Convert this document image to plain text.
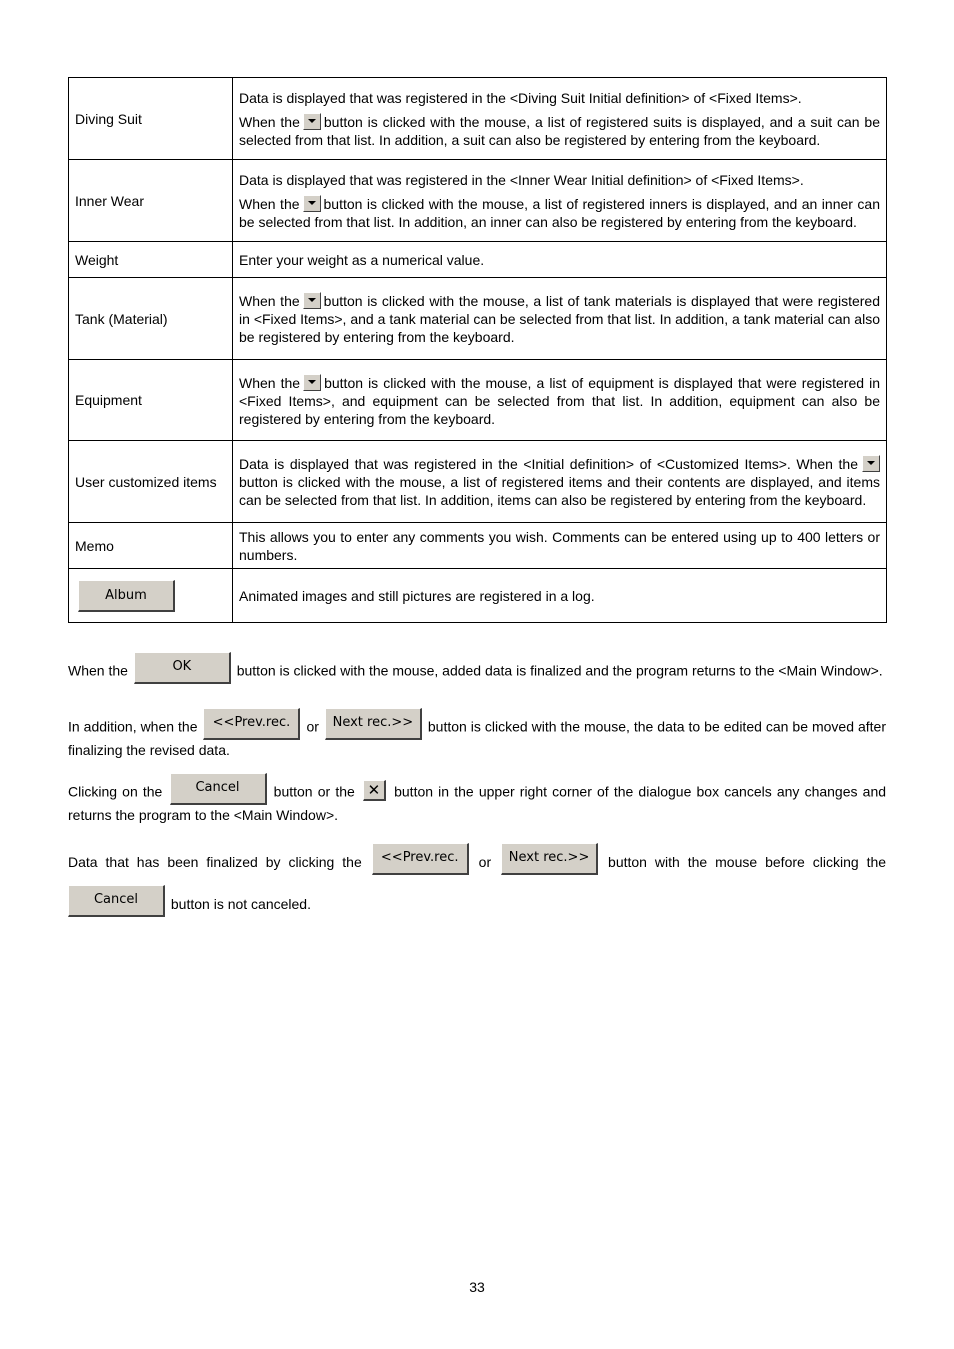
Diving Suit	Data is displayed that was registered in the <Diving Suit Initial definition> of <Fixed Items>.

When the button is clicked with the mouse, a list of registered suits is displayed, and a suit can be selected from that list. In addition, a suit can also be registered by entering from the keyboard.

Inner Wear	Data is displayed that was registered in the <Inner Wear Initial definition> of <Fixed Items>.

When the button is clicked with the mouse, a list of registered inners is displayed, and an inner can be selected from that list. In addition, an inner can also be registered by entering from the keyboard.

Weight	Enter your weight as a numerical value.
Tank (Material)	When the button is clicked with the mouse, a list of tank materials is displayed that were registered in <Fixed Items>, and a tank material can be selected from that list. In addition, a tank material can also be registered by entering from the keyboard.

Equipment	When the button is clicked with the mouse, a list of equipment is displayed that were registered in <Fixed Items>, and equipment can be selected from that list. In addition, equipment can also be registered by entering from the keyboard.

User customized items	Data is displayed that was registered in the <Initial definition> of <Customized Items>. When the button is clicked with the mouse, a list of registered items and their contents are displayed, and items can be selected from that list. In addition, items can also be registered by entering from the keyboard.

Memo	This allows you to enter any comments you wish. Comments can be entered using up to 400 letters or numbers.
Album	Animated images and still pictures are registered in a log.

When the	OK	button is clicked with the mouse, added data is finalized and the program returns to the <Main Window>.

In addition, when the <<Prev.rec. or Next rec.>> button is clicked with the mouse, the data to be edited can be moved after finalizing the revised data.

Clicking on the	Cancel button or the ✕ button in the upper right corner of the dialogue box cancels any changes and returns the program to the <Main Window>.

Data that has been finalized by clicking the <<Prev.rec. or Next rec.>> button with the mouse before clicking the Cancel button is not canceled.

33
